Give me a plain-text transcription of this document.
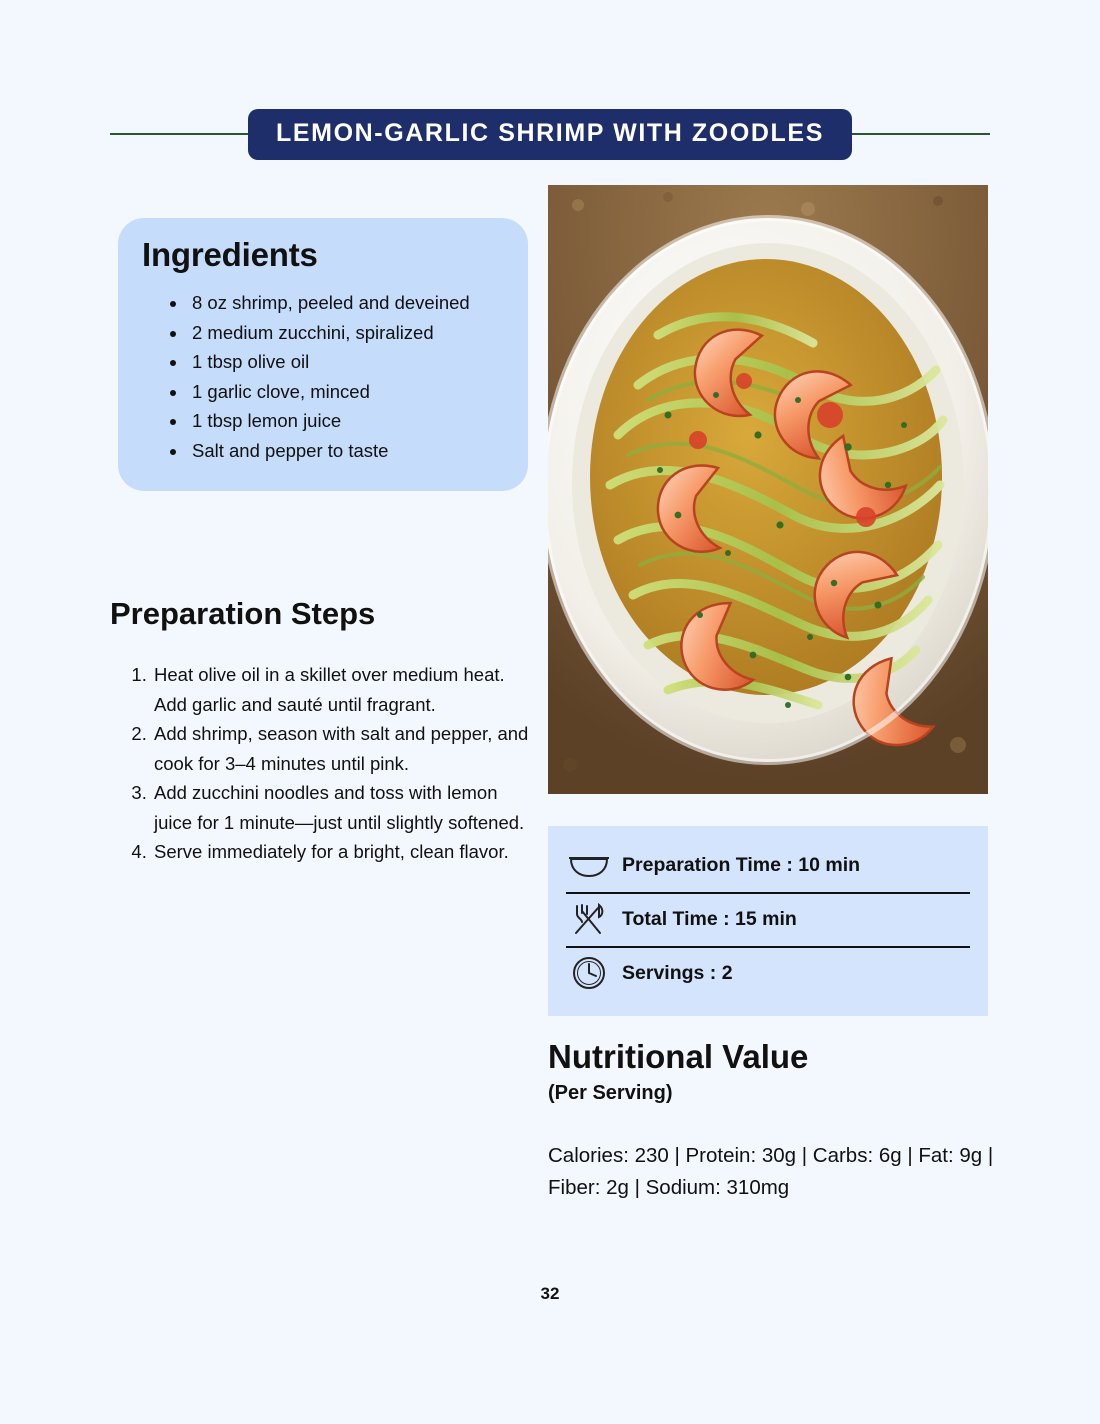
LEMON-GARLIC SHRIMP WITH ZOODLES
Ingredients
• 8 oz shrimp, peeled and deveined
• 2 medium zucchini, spiralized
• 1 tbsp olive oil
• 1 garlic clove, minced
• 1 tbsp lemon juice
• Salt and pepper to taste
Preparation Steps
1. Heat olive oil in a skillet over medium heat. Add garlic and sauté until fragrant.
2. Add shrimp, season with salt and pepper, and cook for 3–4 minutes until pink.
3. Add zucchini noodles and toss with lemon juice for 1 minute—just until slightly softened.
4. Serve immediately for a bright, clean flavor.
Preparation Time : 10 min
Total Time : 15 min
Servings : 2
Nutritional Value
(Per Serving)
Calories: 230 | Protein: 30g | Carbs: 6g | Fat: 9g | Fiber: 2g | Sodium: 310mg
32
